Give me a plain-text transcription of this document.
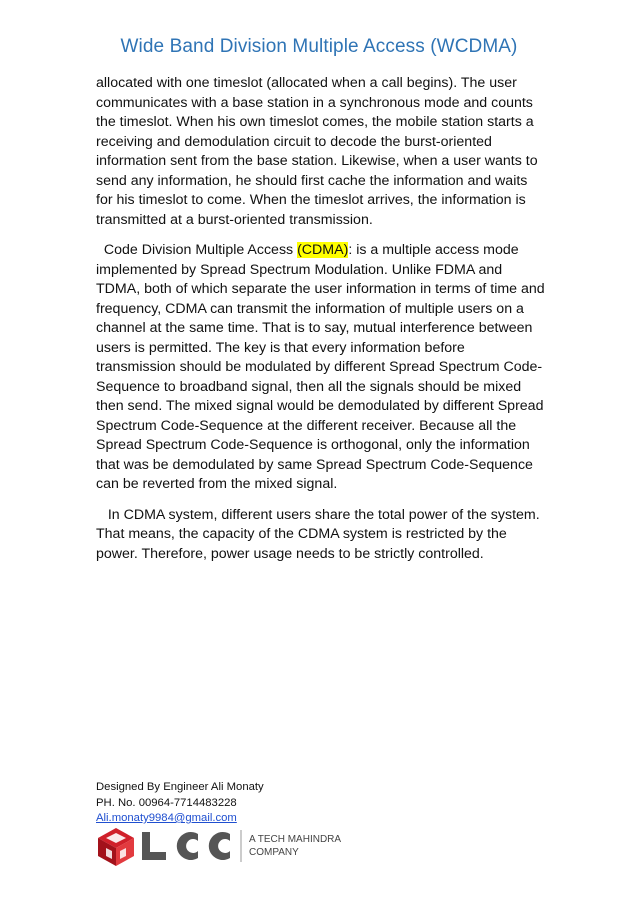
Wide Band Division Multiple Access (WCDMA)

allocated with one timeslot (allocated when a call begins). The user communicates with a base station in a synchronous mode and counts the timeslot. When his own timeslot comes, the mobile station starts a receiving and demodulation circuit to decode the burst-oriented information sent from the base station. Likewise, when a user wants to send any information, he should first cache the information and waits for his timeslot to come. When the timeslot arrives, the information is transmitted at a burst-oriented transmission.

Code Division Multiple Access (CDMA): is a multiple access mode implemented by Spread Spectrum Modulation. Unlike FDMA and TDMA, both of which separate the user information in terms of time and frequency, CDMA can transmit the information of multiple users on a channel at the same time. That is to say, mutual interference between users is permitted. The key is that every information before transmission should be modulated by different Spread Spectrum Code-Sequence to broadband signal, then all the signals should be mixed then send. The mixed signal would be demodulated by different Spread Spectrum Code-Sequence at the different receiver. Because all the Spread Spectrum Code-Sequence is orthogonal, only the information that was be demodulated by same Spread Spectrum Code-Sequence can be reverted from the mixed signal.

In CDMA system, different users share the total power of the system. That means, the capacity of the CDMA system is restricted by the power. Therefore, power usage needs to be strictly controlled.

Designed By Engineer Ali Monaty
PH. No. 00964-7714483228
Ali.monaty9984@gmail.com
A TECH MAHINDRA
COMPANY
